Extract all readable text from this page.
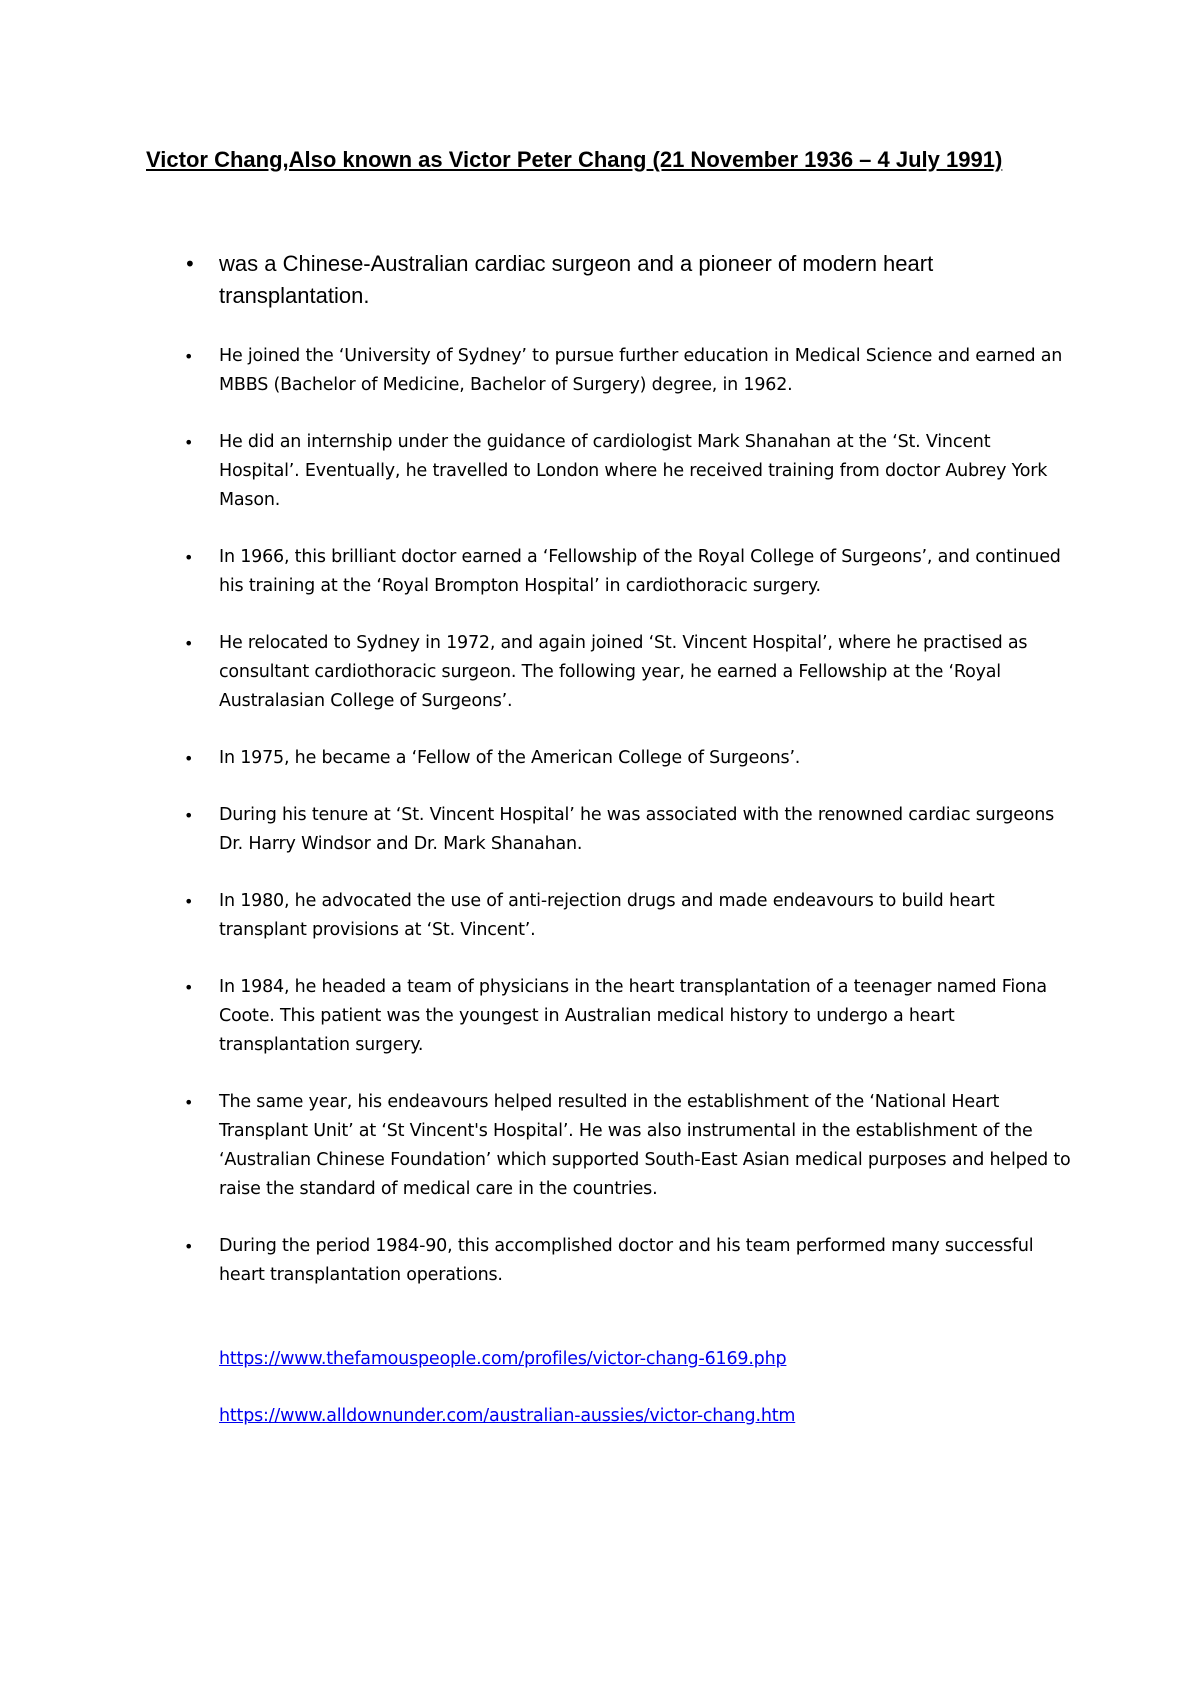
Victor Chang,Also known as Victor Peter Chang (21 November 1936 – 4 July 1991)
• was a Chinese-Australian cardiac surgeon and a pioneer of modern heart transplantation.
• He joined the ‘University of Sydney’ to pursue further education in Medical Science and earned an MBBS (Bachelor of Medicine, Bachelor of Surgery) degree, in 1962.
• He did an internship under the guidance of cardiologist Mark Shanahan at the ‘St. Vincent Hospital’. Eventually, he travelled to London where he received training from doctor Aubrey York Mason.
• In 1966, this brilliant doctor earned a ‘Fellowship of the Royal College of Surgeons’, and continued his training at the ‘Royal Brompton Hospital’ in cardiothoracic surgery.
• He relocated to Sydney in 1972, and again joined ‘St. Vincent Hospital’, where he practised as consultant cardiothoracic surgeon. The following year, he earned a Fellowship at the ‘Royal Australasian College of Surgeons’.
• In 1975, he became a ‘Fellow of the American College of Surgeons’.
• During his tenure at ‘St. Vincent Hospital’ he was associated with the renowned cardiac surgeons Dr. Harry Windsor and Dr. Mark Shanahan.
• In 1980, he advocated the use of anti-rejection drugs and made endeavours to build heart transplant provisions at ‘St. Vincent’.
• In 1984, he headed a team of physicians in the heart transplantation of a teenager named Fiona Coote. This patient was the youngest in Australian medical history to undergo a heart transplantation surgery.
• The same year, his endeavours helped resulted in the establishment of the ‘National Heart Transplant Unit’ at ‘St Vincent's Hospital’. He was also instrumental in the establishment of the ‘Australian Chinese Foundation’ which supported South-East Asian medical purposes and helped to raise the standard of medical care in the countries.
• During the period 1984-90, this accomplished doctor and his team performed many successful heart transplantation operations.
https://www.thefamouspeople.com/profiles/victor-chang-6169.php
https://www.alldownunder.com/australian-aussies/victor-chang.htm
